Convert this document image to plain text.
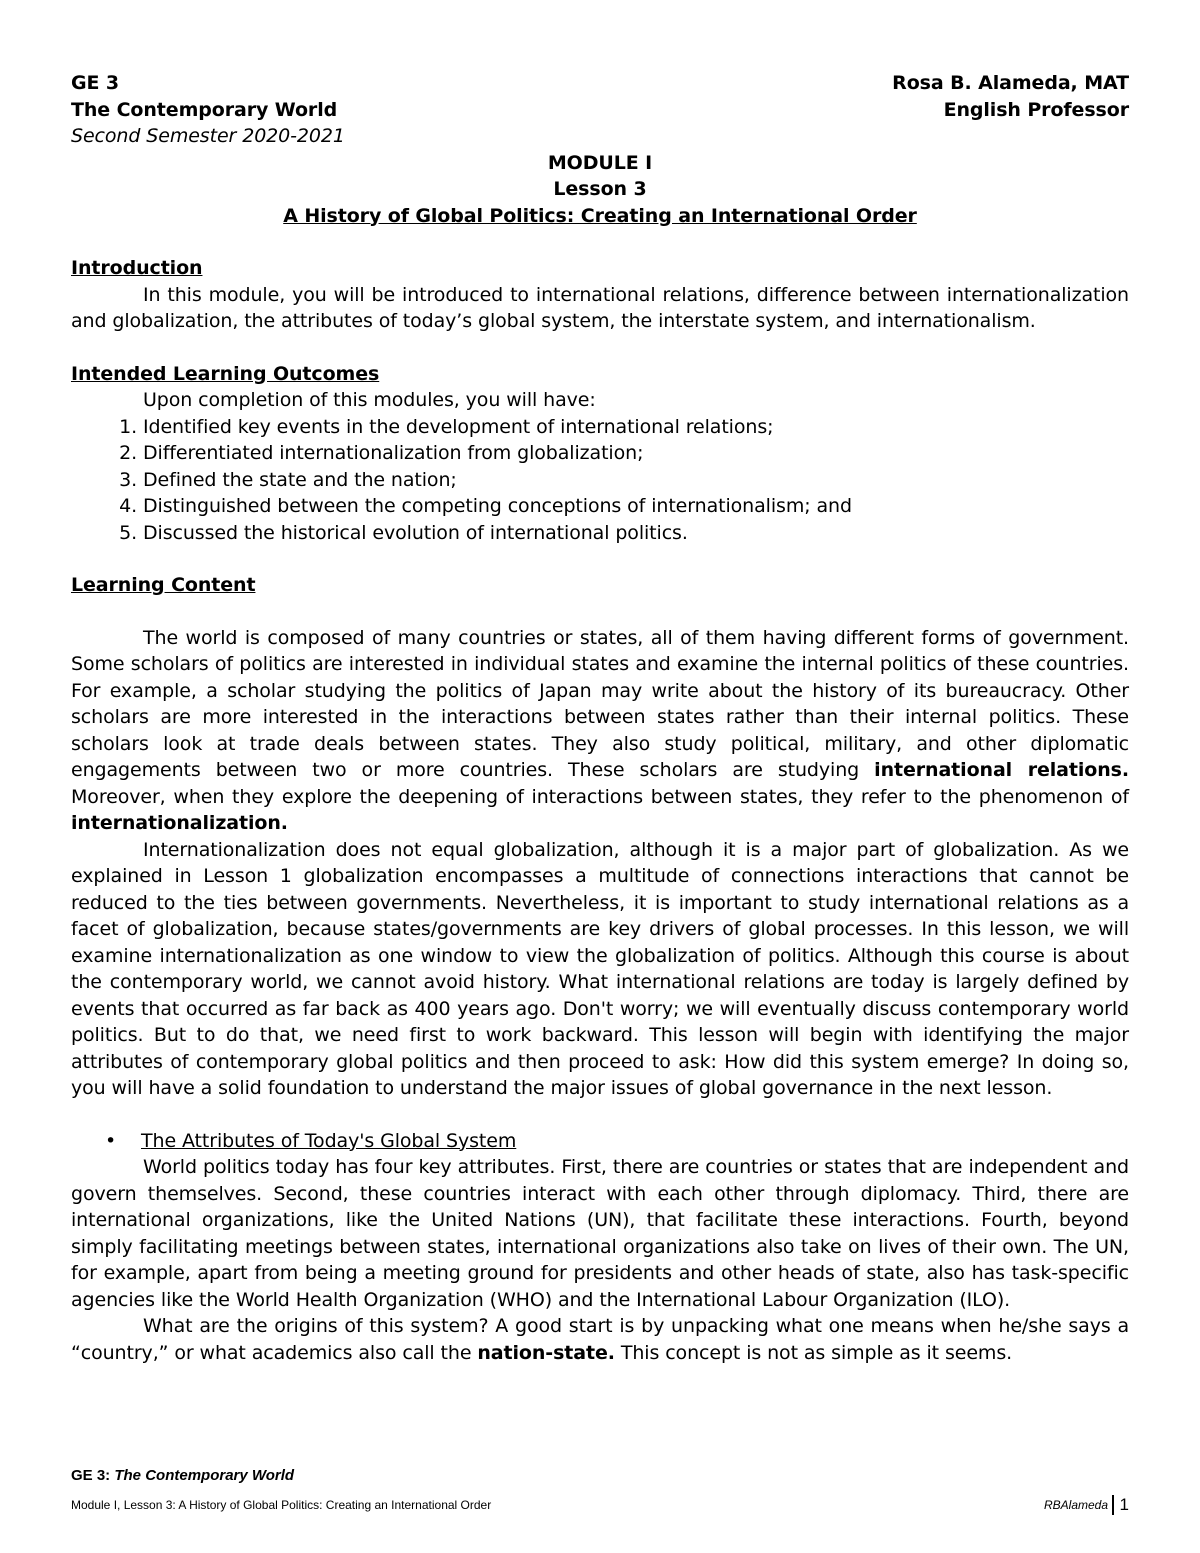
GE 3	Rosa B. Alameda, MAT
The Contemporary World	English Professor
Second Semester 2020-2021
MODULE I
Lesson 3
A History of Global Politics: Creating an International Order
Introduction

In this module, you will be introduced to international relations, difference between internationalization and globalization, the attributes of today’s global system, the interstate system, and internationalism.

Intended Learning Outcomes

Upon completion of this modules, you will have:

1. Identified key events in the development of international relations;
2. Differentiated internationalization from globalization;
3. Defined the state and the nation;
4. Distinguished between the competing conceptions of internationalism; and
5. Discussed the historical evolution of international politics.
Learning Content

The world is composed of many countries or states, all of them having different forms of government. Some scholars of politics are interested in individual states and examine the internal politics of these countries. For example, a scholar studying the politics of Japan may write about the history of its bureaucracy. Other scholars are more interested in the interactions between states rather than their internal politics. These scholars look at trade deals between states. They also study political, military, and other diplomatic engagements between two or more countries. These scholars are studying international relations. Moreover, when they explore the deepening of interactions between states, they refer to the phenomenon of internationalization.

Internationalization does not equal globalization, although it is a major part of globalization. As we explained in Lesson 1 globalization encompasses a multitude of connections interactions that cannot be reduced to the ties between governments. Nevertheless, it is important to study international relations as a facet of globalization, because states/governments are key drivers of global processes. In this lesson, we will examine internationalization as one window to view the globalization of politics. Although this course is about the contemporary world, we cannot avoid history. What international relations are today is largely defined by events that occurred as far back as 400 years ago. Don't worry; we will eventually discuss contemporary world politics. But to do that, we need first to work backward. This lesson will begin with identifying the major attributes of contemporary global politics and then proceed to ask: How did this system emerge? In doing so, you will have a solid foundation to understand the major issues of global governance in the next lesson.

•	The Attributes of Today's Global System

World politics today has four key attributes. First, there are countries or states that are independent and govern themselves. Second, these countries interact with each other through diplomacy. Third, there are international organizations, like the United Nations (UN), that facilitate these interactions. Fourth, beyond simply facilitating meetings between states, international organizations also take on lives of their own. The UN, for example, apart from being a meeting ground for presidents and other heads of state, also has task-specific agencies like the World Health Organization (WHO) and the International Labour Organization (ILO).

What are the origins of this system? A good start is by unpacking what one means when he/she says a “country,” or what academics also call the nation-state. This concept is not as simple as it seems.

GE 3: The Contemporary World
Module I, Lesson 3: A History of Global Politics: Creating an International Order	RBAlameda 1
